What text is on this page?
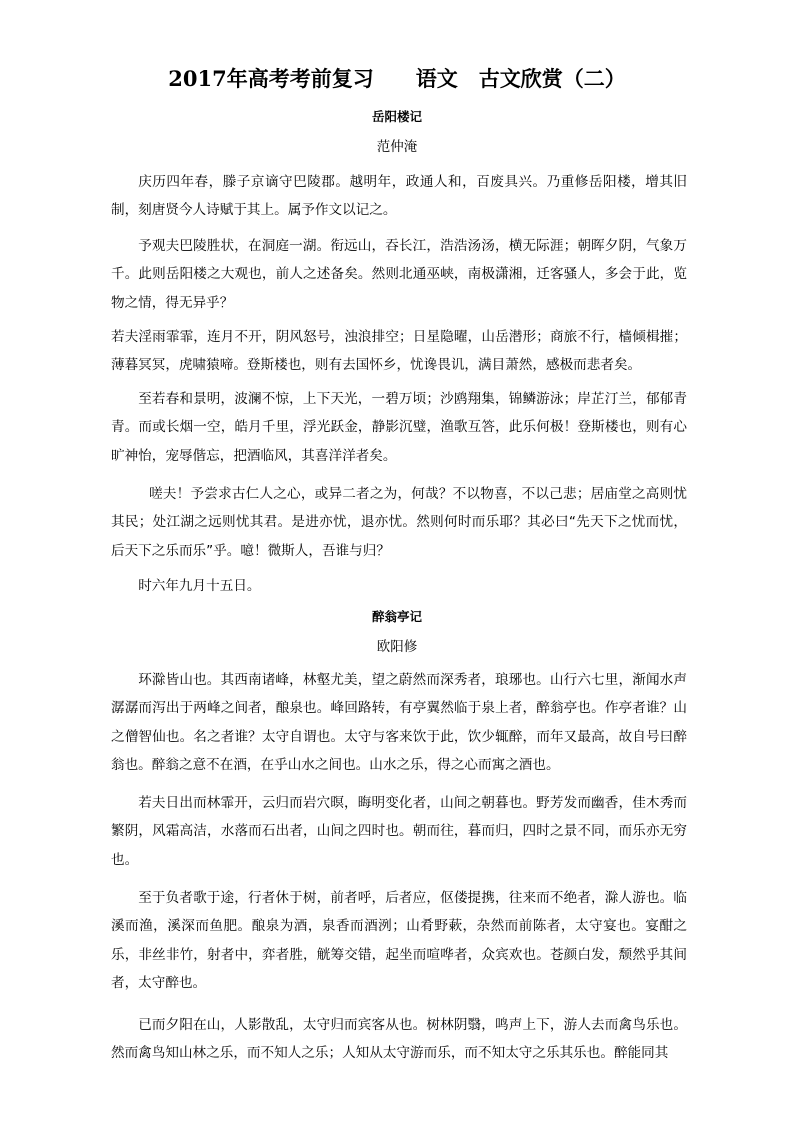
2017年高考考前复习　　语文　古文欣赏（二）
岳阳楼记
范仲淹

庆历四年春，滕子京谪守巴陵郡。越明年，政通人和，百废具兴。乃重修岳阳楼，增其旧制，刻唐贤今人诗赋于其上。属予作文以记之。

予观夫巴陵胜状，在洞庭一湖。衔远山，吞长江，浩浩汤汤，横无际涯；朝晖夕阴，气象万千。此则岳阳楼之大观也，前人之述备矣。然则北通巫峡，南极潇湘，迁客骚人，多会于此，览物之情，得无异乎？

若夫淫雨霏霏，连月不开，阴风怒号，浊浪排空；日星隐曜，山岳潜形；商旅不行，樯倾楫摧；薄暮冥冥，虎啸猿啼。登斯楼也，则有去国怀乡，忧谗畏讥，满目萧然，感极而悲者矣。

至若春和景明，波澜不惊，上下天光，一碧万顷；沙鸥翔集，锦鳞游泳；岸芷汀兰，郁郁青青。而或长烟一空，皓月千里，浮光跃金，静影沉璧，渔歌互答，此乐何极！登斯楼也，则有心旷神怡，宠辱偕忘，把酒临风，其喜洋洋者矣。

嗟夫！予尝求古仁人之心，或异二者之为，何哉？不以物喜，不以己悲；居庙堂之高则忧其民；处江湖之远则忧其君。是进亦忧，退亦忧。然则何时而乐耶？其必曰“先天下之忧而忧，后天下之乐而乐”乎。噫！微斯人，吾谁与归？

时六年九月十五日。

醉翁亭记
欧阳修

环滁皆山也。其西南诸峰，林壑尤美，望之蔚然而深秀者，琅琊也。山行六七里，渐闻水声潺潺而泻出于两峰之间者，酿泉也。峰回路转，有亭翼然临于泉上者，醉翁亭也。作亭者谁？山之僧智仙也。名之者谁？太守自谓也。太守与客来饮于此，饮少辄醉，而年又最高，故自号曰醉翁也。醉翁之意不在酒，在乎山水之间也。山水之乐，得之心而寓之酒也。

若夫日出而林霏开，云归而岩穴暝，晦明变化者，山间之朝暮也。野芳发而幽香，佳木秀而繁阴，风霜高洁，水落而石出者，山间之四时也。朝而往，暮而归，四时之景不同，而乐亦无穷也。

至于负者歌于途，行者休于树，前者呼，后者应，伛偻提携，往来而不绝者，滁人游也。临溪而渔，溪深而鱼肥。酿泉为酒，泉香而酒洌；山肴野蔌，杂然而前陈者，太守宴也。宴酣之乐，非丝非竹，射者中，弈者胜，觥筹交错，起坐而喧哗者，众宾欢也。苍颜白发，颓然乎其间者，太守醉也。

已而夕阳在山，人影散乱，太守归而宾客从也。树林阴翳，鸣声上下，游人去而禽鸟乐也。然而禽鸟知山林之乐，而不知人之乐；人知从太守游而乐，而不知太守之乐其乐也。醉能同其
